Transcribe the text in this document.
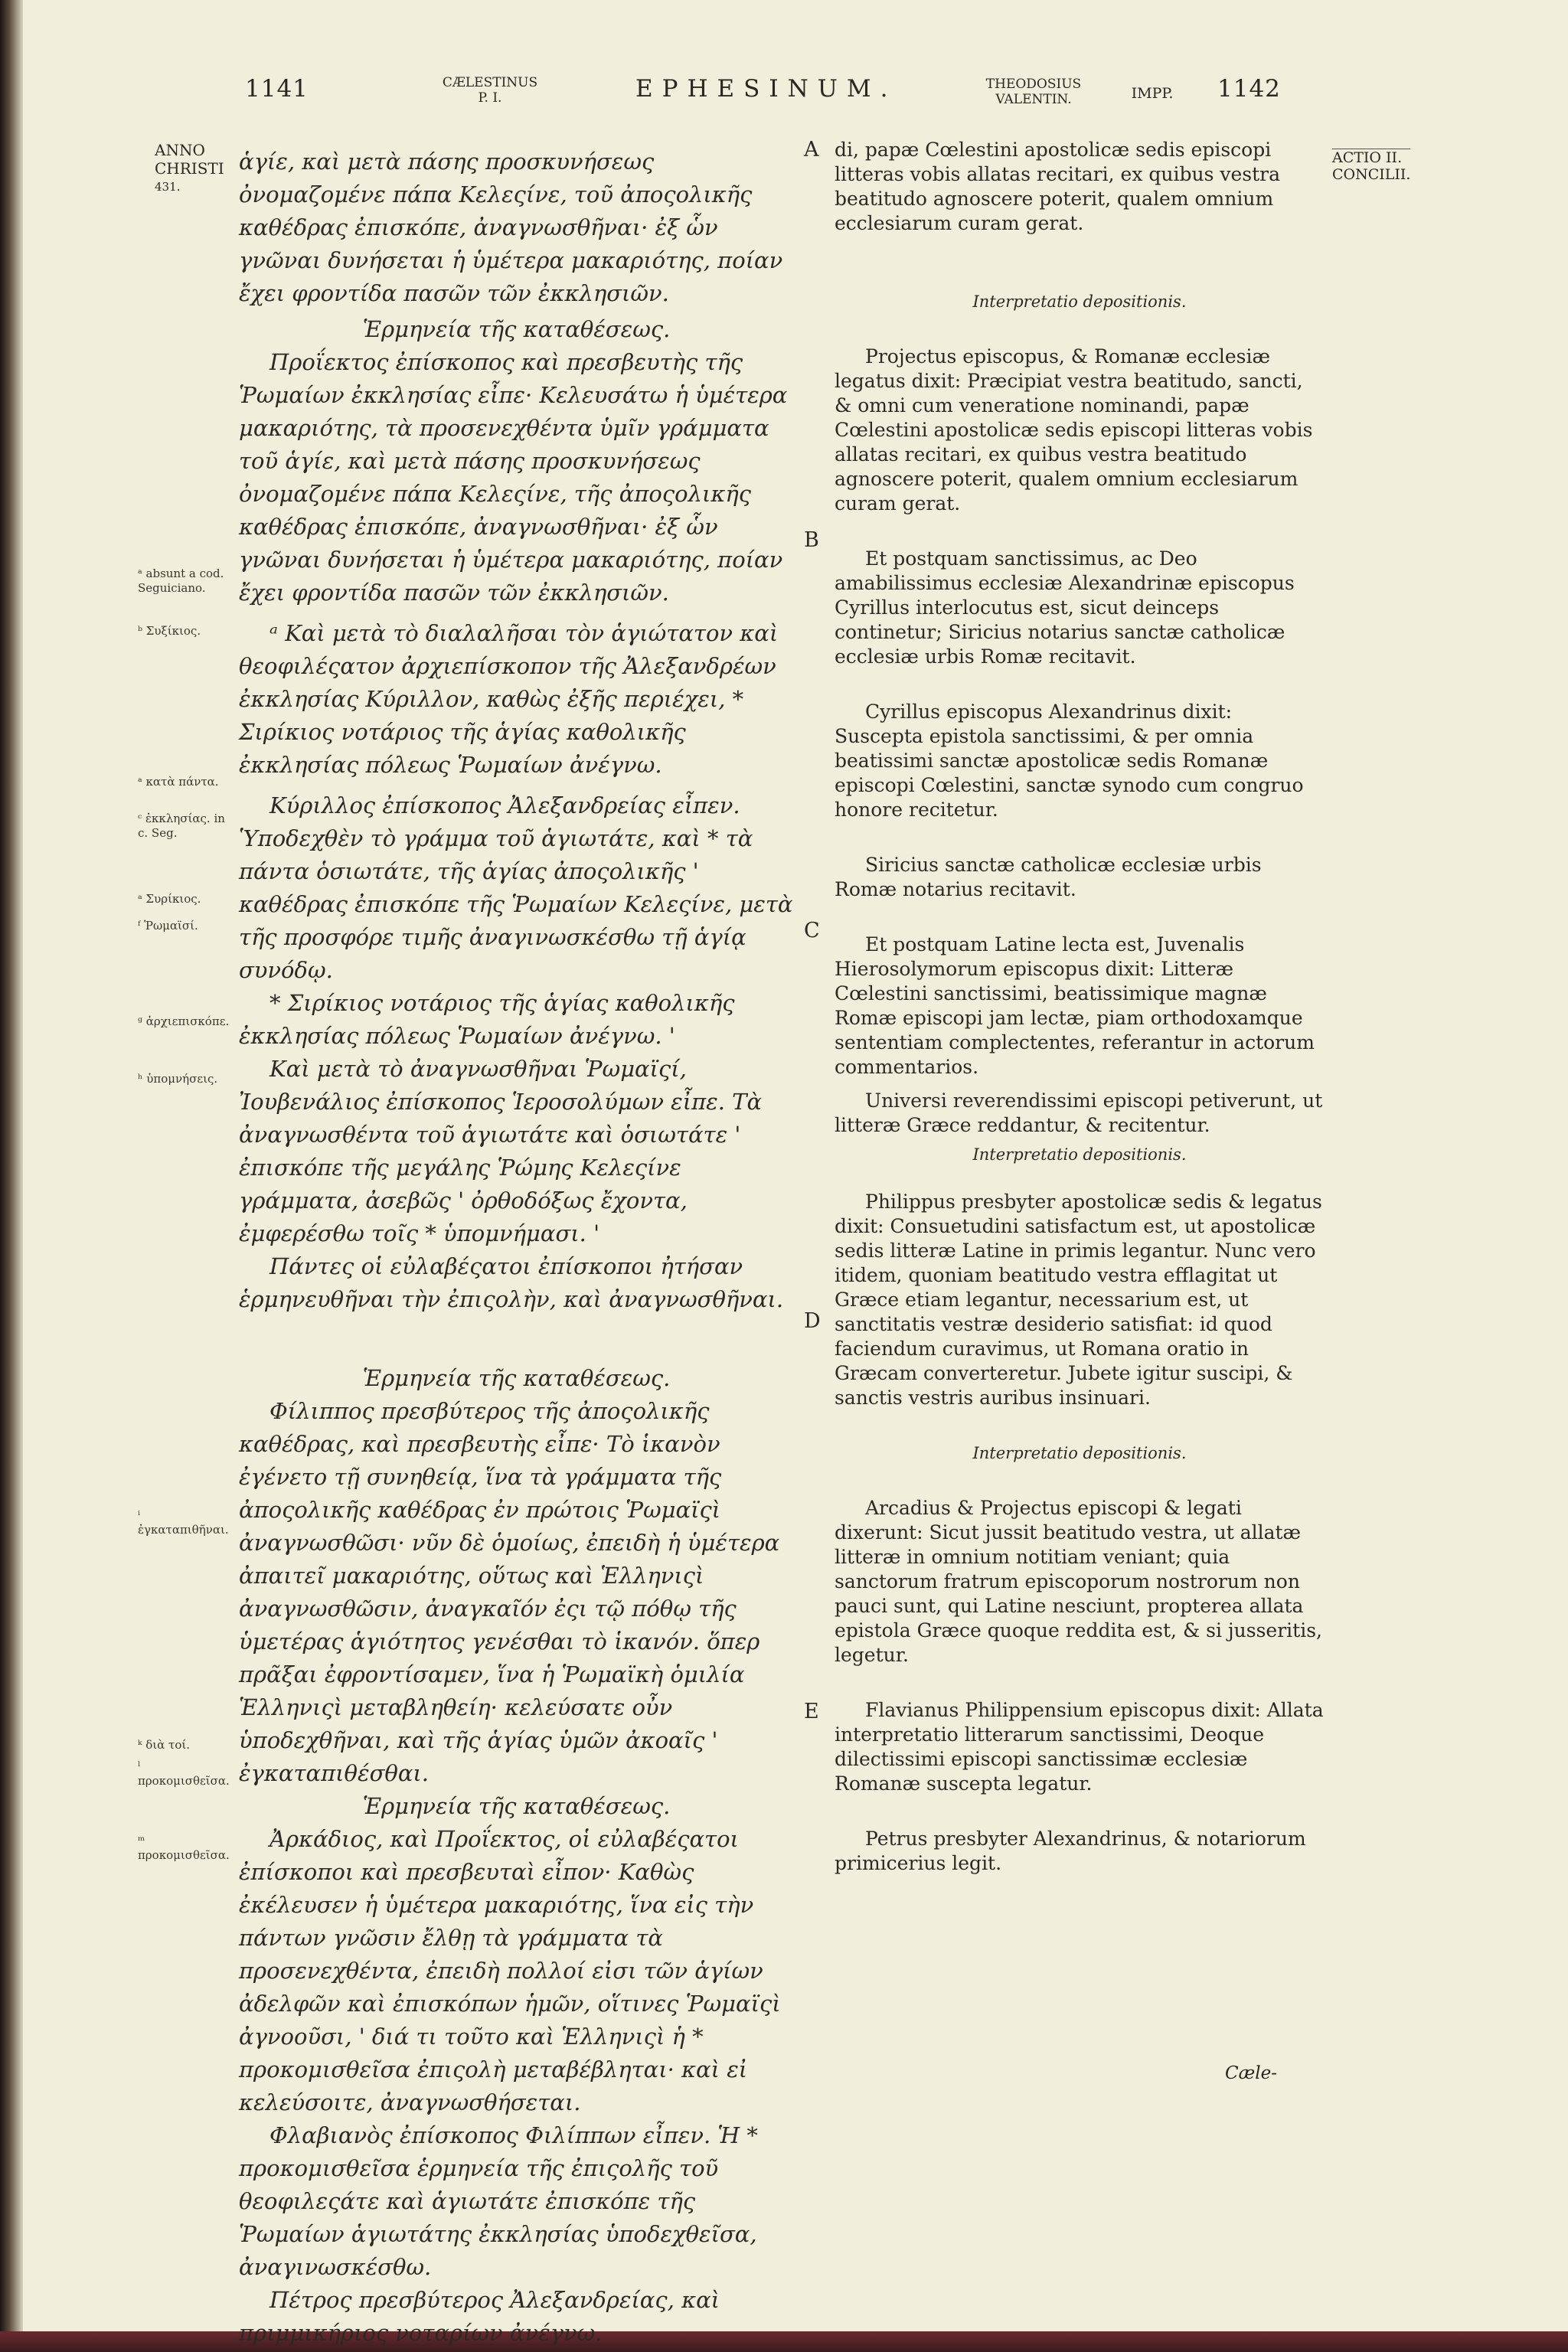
1141	CÆLESTINUS
P. I.	EPHESINUM.	THEODOSIUS
VALENTIN.	IMPP. 1142
ANNO
CHRISTI
431.
ACTIO II.
CONCILII.
A
B
C
D
E
ᵃ absunt a cod. Seguiciano.
ᵇ Συξίκιος.
ᵃ κατὰ πάντα.
ᶜ ἐκκλησίας. in c. Seg.
ᵃ Συρίκιος.
ᶠ Ῥωμαϊσί.
ᵍ ἀρχιεπισκόπε.
ʰ ὑπομνήσεις.
ⁱ ἐγκαταπιθῆναι.
ᵏ διὰ τοί.
ˡ προκομισθεῖσα.
ᵐ προκομισθεῖσα.

ἁγίε, καὶ μετὰ πάσης προσκυνήσεως ὀνομαζομένε πάπα Κελεςίνε, τοῦ ἀποςολικῆς καθέδρας ἐπισκόπε, ἀναγνωσθῆναι· ἐξ ὧν γνῶναι δυνήσεται ἡ ὑμέτερα μακαριότης, ποίαν ἔχει φροντίδα πασῶν τῶν ἐκκλησιῶν.

Ἑρμηνεία τῆς καταθέσεως.

Προΐεκτος ἐπίσκοπος καὶ πρεσβευτὴς τῆς Ῥωμαίων ἐκκλησίας εἶπε· Κελευσάτω ἡ ὑμέτερα μακαριότης, τὰ προσενεχθέντα ὑμῖν γράμματα τοῦ ἁγίε, καὶ μετὰ πάσης προσκυνήσεως ὀνομαζομένε πάπα Κελεςίνε, τῆς ἀποςολικῆς καθέδρας ἐπισκόπε, ἀναγνωσθῆναι· ἐξ ὧν γνῶναι δυνήσεται ἡ ὑμέτερα μακαριότης, ποίαν ἔχει φροντίδα πασῶν τῶν ἐκκλησιῶν.

ᵃ Καὶ μετὰ τὸ διαλαλῆσαι τὸν ἁγιώτατον καὶ θεοφιλέςατον ἀρχιεπίσκοπον τῆς Ἀλεξανδρέων ἐκκλησίας Κύριλλον, καθὼς ἐξῆς περιέχει, * Σιρίκιος νοτάριος τῆς ἁγίας καθολικῆς ἐκκλησίας πόλεως Ῥωμαίων ἀνέγνω.

Κύριλλος ἐπίσκοπος Ἀλεξανδρείας εἶπεν. Ὑποδεχθὲν τὸ γράμμα τοῦ ἁγιωτάτε, καὶ * τὰ πάντα ὁσιωτάτε, τῆς ἁγίας ἀποςολικῆς ' καθέδρας ἐπισκόπε τῆς Ῥωμαίων Κελεςίνε, μετὰ τῆς προσφόρε τιμῆς ἀναγινωσκέσθω τῇ ἁγίᾳ συνόδῳ.

* Σιρίκιος νοτάριος τῆς ἁγίας καθολικῆς ἐκκλησίας πόλεως Ῥωμαίων ἀνέγνω. '

Καὶ μετὰ τὸ ἀναγνωσθῆναι Ῥωμαϊςί, Ἰουβενάλιος ἐπίσκοπος Ἱεροσολύμων εἶπε. Τὰ ἀναγνωσθέντα τοῦ ἁγιωτάτε καὶ ὁσιωτάτε ' ἐπισκόπε τῆς μεγάλης Ῥώμης Κελεςίνε γράμματα, ἀσεβῶς ' ὀρθοδόξως ἔχοντα, ἐμφερέσθω τοῖς * ὑπομνήμασι. '

Πάντες οἱ εὐλαβέςατοι ἐπίσκοποι ἠτήσαν ἑρμηνευθῆναι τὴν ἐπιςολὴν, καὶ ἀναγνωσθῆναι.

Ἑρμηνεία τῆς καταθέσεως.

Φίλιππος πρεσβύτερος τῆς ἀποςολικῆς καθέδρας, καὶ πρεσβευτὴς εἶπε· Τὸ ἱκανὸν ἐγένετο τῇ συνηθείᾳ, ἵνα τὰ γράμματα τῆς ἀποςολικῆς καθέδρας ἐν πρώτοις Ῥωμαϊςὶ ἀναγνωσθῶσι· νῦν δὲ ὁμοίως, ἐπειδὴ ἡ ὑμέτερα ἀπαιτεῖ μακαριότης, οὕτως καὶ Ἑλληνιςὶ ἀναγνωσθῶσιν, ἀναγκαῖόν ἐςι τῷ πόθῳ τῆς ὑμετέρας ἁγιότητος γενέσθαι τὸ ἱκανόν. ὅπερ πρᾶξαι ἐφροντίσαμεν, ἵνα ἡ Ῥωμαϊκὴ ὁμιλία Ἑλληνιςὶ μεταβληθείη· κελεύσατε οὖν ὑποδεχθῆναι, καὶ τῆς ἁγίας ὑμῶν ἀκοαῖς ' ἐγκαταπιθέσθαι.

Ἑρμηνεία τῆς καταθέσεως.

Ἀρκάδιος, καὶ Προΐεκτος, οἱ εὐλαβέςατοι ἐπίσκοποι καὶ πρεσβευταὶ εἶπον· Καθὼς ἐκέλευσεν ἡ ὑμέτερα μακαριότης, ἵνα εἰς τὴν πάντων γνῶσιν ἔλθῃ τὰ γράμματα τὰ προσενεχθέντα, ἐπειδὴ πολλοί εἰσι τῶν ἁγίων ἀδελφῶν καὶ ἐπισκόπων ἡμῶν, οἵτινες Ῥωμαϊςὶ ἀγνοοῦσι, ' διά τι τοῦτο καὶ Ἑλληνιςὶ ἡ * προκομισθεῖσα ἐπιςολὴ μεταβέβληται· καὶ εἰ κελεύσοιτε, ἀναγνωσθήσεται.

Φλαβιανὸς ἐπίσκοπος Φιλίππων εἶπεν. Ἡ * προκομισθεῖσα ἑρμηνεία τῆς ἐπιςολῆς τοῦ θεοφιλεςάτε καὶ ἁγιωτάτε ἐπισκόπε τῆς Ῥωμαίων ἁγιωτάτης ἐκκλησίας ὑποδεχθεῖσα, ἀναγινωσκέσθω.

Πέτρος πρεσβύτερος Ἀλεξανδρείας, καὶ πριμμικήριος νοταρίων ἀνέγνω.

di, papæ Cœlestini apostolicæ sedis episcopi litteras vobis allatas recitari, ex quibus vestra beatitudo agnoscere poterit, qualem omnium ecclesiarum curam gerat.

Interpretatio depositionis.

Projectus episcopus, & Romanæ ecclesiæ legatus dixit: Præcipiat vestra beatitudo, sancti, & omni cum veneratione nominandi, papæ Cœlestini apostolicæ sedis episcopi litteras vobis allatas recitari, ex quibus vestra beatitudo agnoscere poterit, qualem omnium ecclesiarum curam gerat.

Et postquam sanctissimus, ac Deo amabilissimus ecclesiæ Alexandrinæ episcopus Cyrillus interlocutus est, sicut deinceps continetur; Siricius notarius sanctæ catholicæ ecclesiæ urbis Romæ recitavit.

Cyrillus episcopus Alexandrinus dixit: Suscepta epistola sanctissimi, & per omnia beatissimi sanctæ apostolicæ sedis Romanæ episcopi Cœlestini, sanctæ synodo cum congruo honore recitetur.

Siricius sanctæ catholicæ ecclesiæ urbis Romæ notarius recitavit.

Et postquam Latine lecta est, Juvenalis Hierosolymorum episcopus dixit: Litteræ Cœlestini sanctissimi, beatissimique magnæ Romæ episcopi jam lectæ, piam orthodoxamque sententiam complectentes, referantur in actorum commentarios.

Universi reverendissimi episcopi petiverunt, ut litteræ Græce reddantur, & recitentur.

Interpretatio depositionis.

Philippus presbyter apostolicæ sedis & legatus dixit: Consuetudini satisfactum est, ut apostolicæ sedis litteræ Latine in primis legantur. Nunc vero itidem, quoniam beatitudo vestra efflagitat ut Græce etiam legantur, necessarium est, ut sanctitatis vestræ desiderio satisfiat: id quod faciendum curavimus, ut Romana oratio in Græcam converteretur. Jubete igitur suscipi, & sanctis vestris auribus insinuari.

Interpretatio depositionis.

Arcadius & Projectus episcopi & legati dixerunt: Sicut jussit beatitudo vestra, ut allatæ litteræ in omnium notitiam veniant; quia sanctorum fratrum episcoporum nostrorum non pauci sunt, qui Latine nesciunt, propterea allata epistola Græce quoque reddita est, & si jusseritis, legetur.

Flavianus Philippensium episcopus dixit: Allata interpretatio litterarum sanctissimi, Deoque dilectissimi episcopi sanctissimæ ecclesiæ Romanæ suscepta legatur.

Petrus presbyter Alexandrinus, & notariorum primicerius legit.

Cæle-
